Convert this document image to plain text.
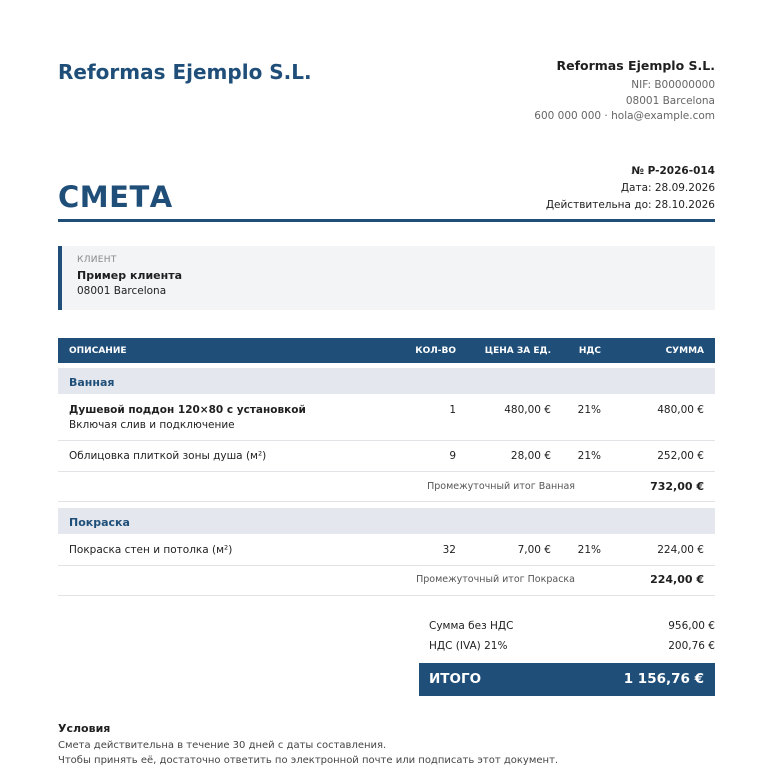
Reformas Ejemplo S.L.	Reformas Ejemplo S.L.
NIF: B00000000
08001 Barcelona
600 000 000 · hola@example.com
СМЕТА
№ P-2026-014
Дата: 28.09.2026
Действительна до: 28.10.2026
КЛИЕНТ
Пример клиента
08001 Barcelona
ОПИСАНИЕ	КОЛ-ВО	ЦЕНА ЗА ЕД.	НДС	СУММА
Ванная
Душевой поддон 120×80 с установкой
Включая слив и подключение
1	480,00 €	21%	480,00 €
Облицовка плиткой зоны душа (м²)	9	28,00 €	21%	252,00 €
Промежуточный итог Ванная	732,00 €
Покраска
Покраска стен и потолка (м²)	32	7,00 €	21%	224,00 €
Промежуточный итог Покраска	224,00 €
Сумма без НДС	956,00 €
НДС (IVA) 21%	200,76 €
ИТОГО	1 156,76 €
Условия
Смета действительна в течение 30 дней с даты составления.
Чтобы принять её, достаточно ответить по электронной почте или подписать этот документ.
